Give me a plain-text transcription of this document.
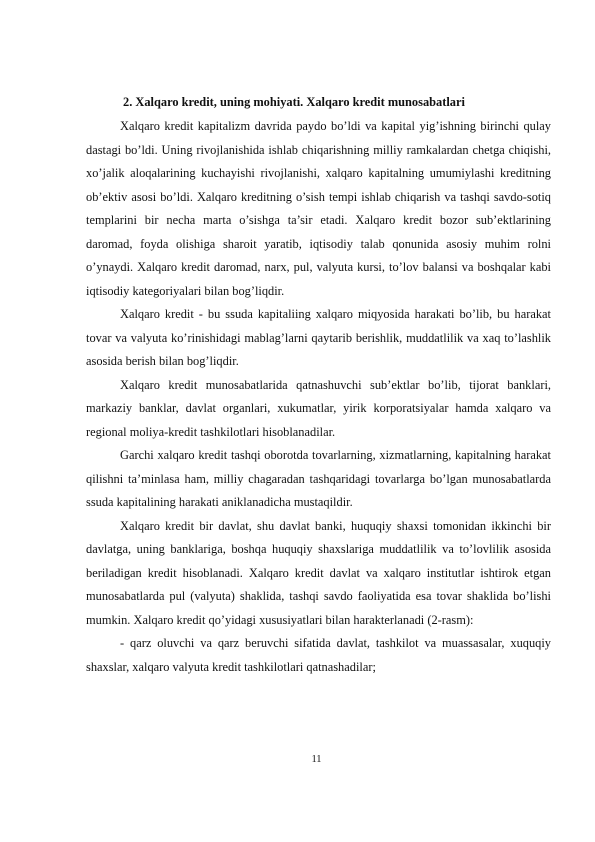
2. Xalqaro kredit, uning mohiyati. Xalqaro kredit munosabatlari

Xalqaro kredit kapitalizm davrida paydo bo’ldi va kapital yig’ishning birinchi qulay dastagi bo’ldi. Uning rivojlanishida ishlab chiqarishning milliy ramkalardan chetga chiqishi, xo’jalik aloqalarining kuchayishi rivojlanishi, xalqaro kapitalning umumiylashi kreditning ob’ektiv asosi bo’ldi. Xalqaro kreditning o’sish tempi ishlab chiqarish va tashqi savdo-sotiq templarini bir necha marta o’sishga ta’sir etadi. Xalqaro kredit bozor sub’ektlarining daromad, foyda olishiga sharoit yaratib, iqtisodiy talab qonunida asosiy muhim rolni o’ynaydi. Xalqaro kredit daromad, narx, pul, valyuta kursi, to’lov balansi va boshqalar kabi iqtisodiy kategoriyalari bilan bog’liqdir.

Xalqaro kredit - bu ssuda kapitaliing xalqaro miqyosida harakati bo’lib, bu harakat tovar va valyuta ko’rinishidagi mablag’larni qaytarib berishlik, muddatlilik va xaq to’lashlik asosida berish bilan bog’liqdir.

Xalqaro kredit munosabatlarida qatnashuvchi sub’ektlar bo’lib, tijorat banklari, markaziy banklar, davlat organlari, xukumatlar, yirik korporatsiyalar hamda xalqaro va regional moliya-kredit tashkilotlari hisoblanadilar.

Garchi xalqaro kredit tashqi oborotda tovarlarning, xizmatlarning, kapitalning harakat qilishni ta’minlasa ham, milliy chagaradan tashqaridagi tovarlarga bo’lgan munosabatlarda ssuda kapitalining harakati aniklanadicha mustaqildir.

Xalqaro kredit bir davlat, shu davlat banki, huquqiy shaxsi tomonidan ikkinchi bir davlatga, uning banklariga, boshqa huquqiy shaxslariga muddatlilik va to’lovlilik asosida beriladigan kredit hisoblanadi. Xalqaro kredit davlat va xalqaro institutlar ishtirok etgan munosabatlarda pul (valyuta) shaklida, tashqi savdo faoliyatida esa tovar shaklida bo’lishi mumkin. Xalqaro kredit qo’yidagi xususiyatlari bilan harakterlanadi (2-rasm):

- qarz oluvchi va qarz beruvchi sifatida davlat, tashkilot va muassasalar, xuquqiy shaxslar, xalqaro valyuta kredit tashkilotlari qatnashadilar;

11
